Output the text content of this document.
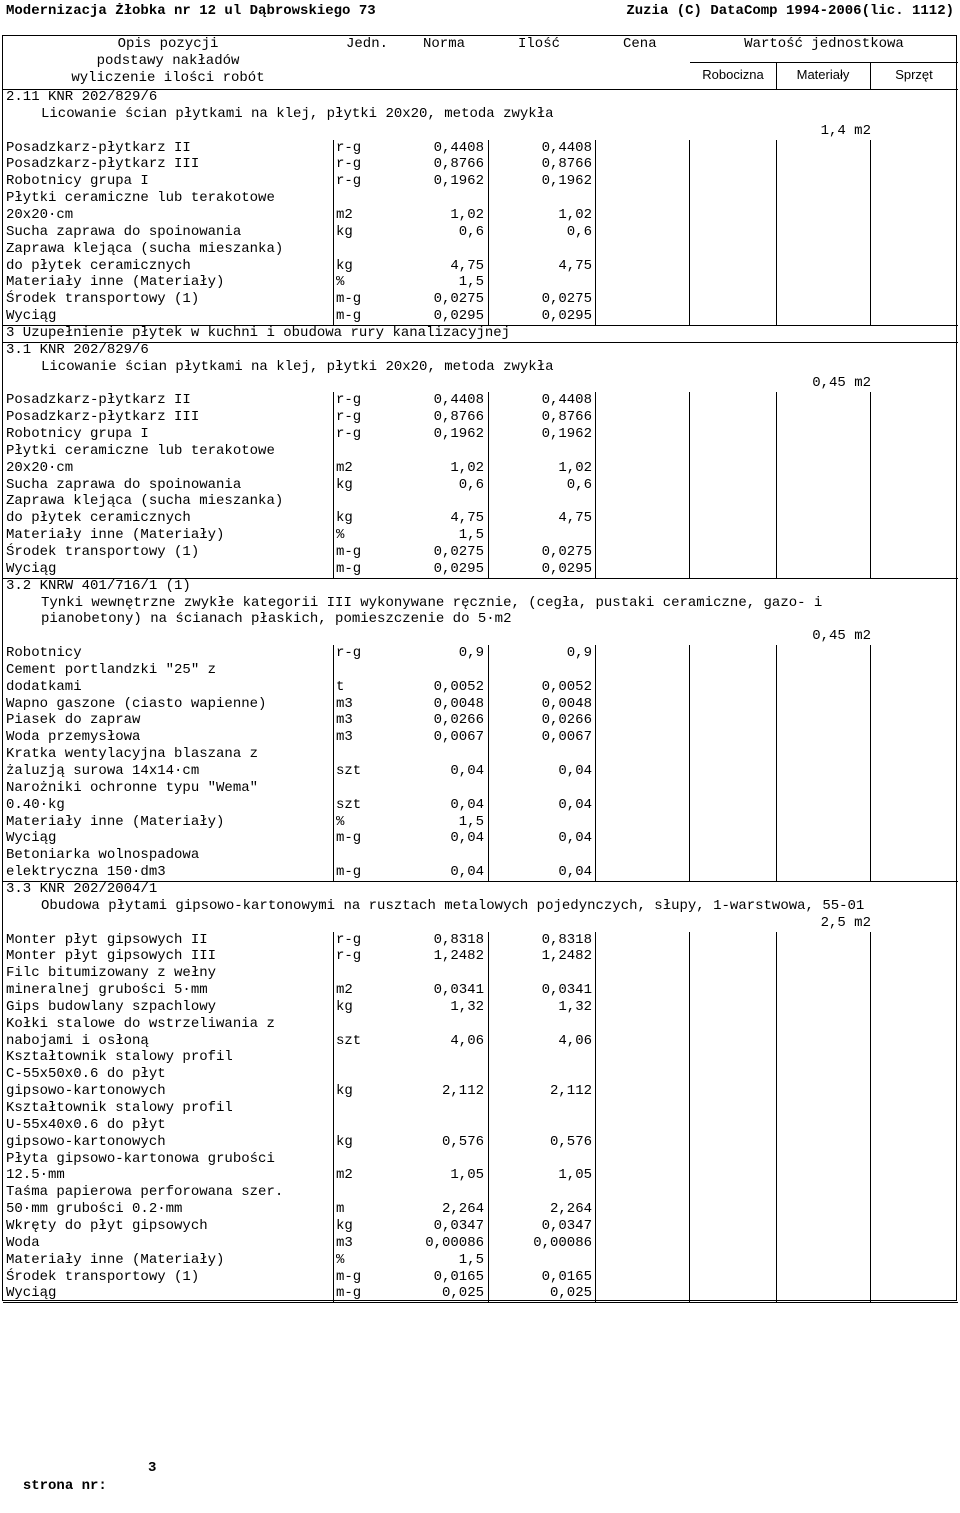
Modernizacja Żłobka nr 12 ul Dąbrowskiego 73	Zuzia (C) DataComp 1994-2006(lic. 1112)
Opis pozycji
podstawy nakładów
wyliczenie ilości robót
Jedn. Norma	Ilość	Cena	Wartość jednostkowa
Robocizna	Materiały	Sprzęt
2.11 KNR 202/829/6
Licowanie ścian płytkami na klej, płytki 20x20, metoda zwykła
1,4 m2
Posadzkarz-płytkarz II	r-g	0,4408	0,4408
Posadzkarz-płytkarz III	r-g	0,8766	0,8766
Robotnicy grupa I	r-g	0,1962	0,1962
Płytki ceramiczne lub terakotowe
20x20·cm	m2	1,02	1,02
Sucha zaprawa do spoinowania	kg	0,6	0,6
Zaprawa klejąca (sucha mieszanka)
do płytek ceramicznych	kg	4,75	4,75
Materiały inne (Materiały)	%	1,5
Środek transportowy (1)	m-g	0,0275	0,0275
Wyciąg	m-g	0,0295	0,0295
3 Uzupełnienie płytek w kuchni i obudowa rury kanalizacyjnej
3.1 KNR 202/829/6
Licowanie ścian płytkami na klej, płytki 20x20, metoda zwykła
0,45 m2
Posadzkarz-płytkarz II	r-g	0,4408	0,4408
Posadzkarz-płytkarz III	r-g	0,8766	0,8766
Robotnicy grupa I	r-g	0,1962	0,1962
Płytki ceramiczne lub terakotowe
20x20·cm	m2	1,02	1,02
Sucha zaprawa do spoinowania	kg	0,6	0,6
Zaprawa klejąca (sucha mieszanka)
do płytek ceramicznych	kg	4,75	4,75
Materiały inne (Materiały)	%	1,5
Środek transportowy (1)	m-g	0,0275	0,0275
Wyciąg	m-g	0,0295	0,0295
3.2 KNRW 401/716/1 (1)
Tynki wewnętrzne zwykłe kategorii III wykonywane ręcznie, (cegła, pustaki ceramiczne, gazo- i
pianobetony) na ścianach płaskich, pomieszczenie do 5·m2
0,45 m2
Robotnicy	r-g	0,9	0,9
Cement portlandzki "25" z
dodatkami	t	0,0052	0,0052
Wapno gaszone (ciasto wapienne)	m3	0,0048	0,0048
Piasek do zapraw	m3	0,0266	0,0266
Woda przemysłowa	m3	0,0067	0,0067
Kratka wentylacyjna blaszana z
żaluzją surowa 14x14·cm	szt	0,04	0,04
Narożniki ochronne typu "Wema"
0.40·kg	szt	0,04	0,04
Materiały inne (Materiały)	%	1,5
Wyciąg	m-g	0,04	0,04
Betoniarka wolnospadowa
elektryczna 150·dm3	m-g	0,04	0,04
3.3 KNR 202/2004/1
Obudowa płytami gipsowo-kartonowymi na rusztach metalowych pojedynczych, słupy, 1-warstwowa, 55-01
2,5 m2
Monter płyt gipsowych II	r-g	0,8318	0,8318
Monter płyt gipsowych III	r-g	1,2482	1,2482
Filc bitumizowany z wełny
mineralnej grubości 5·mm	m2	0,0341	0,0341
Gips budowlany szpachlowy	kg	1,32	1,32
Kołki stalowe do wstrzeliwania z
nabojami i osłoną	szt	4,06	4,06
Kształtownik stalowy profil
C-55x50x0.6 do płyt
gipsowo-kartonowych	kg	2,112	2,112
Kształtownik stalowy profil
U-55x40x0.6 do płyt
gipsowo-kartonowych	kg	0,576	0,576
Płyta gipsowo-kartonowa grubości
12.5·mm	m2	1,05	1,05
Taśma papierowa perforowana szer.
50·mm grubości 0.2·mm	m	2,264	2,264
Wkręty do płyt gipsowych	kg	0,0347	0,0347
Woda	m3	0,00086	0,00086
Materiały inne (Materiały)	%	1,5
Środek transportowy (1)	m-g	0,0165	0,0165
Wyciąg	m-g	0,025	0,025

strona nr:

3
